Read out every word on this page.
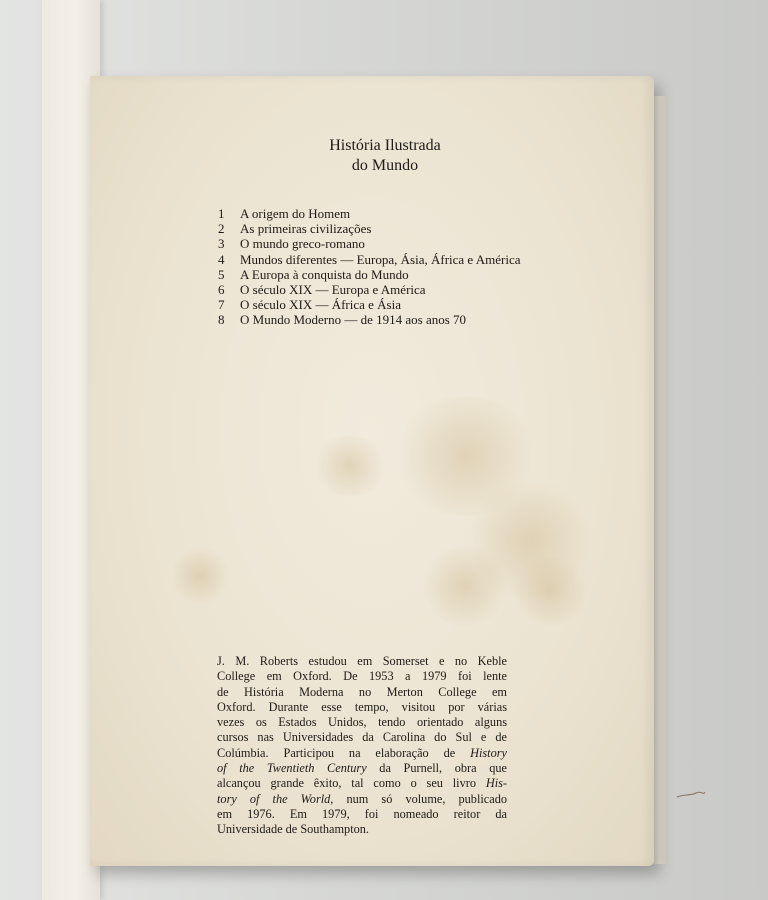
História Ilustrada
do Mundo
1	A origem do Homem
2	As primeiras civilizações
3	O mundo greco-romano
4	Mundos diferentes — Europa, Ásia, África e América
5	A Europa à conquista do Mundo
6	O século XIX — Europa e América
7	O século XIX — África e Ásia
8	O Mundo Moderno — de 1914 aos anos 70

J. M. Roberts estudou em Somerset e no Keble

College em Oxford. De 1953 a 1979 foi lente

de História Moderna no Merton College em

Oxford. Durante esse tempo, visitou por várias

vezes os Estados Unidos, tendo orientado alguns

cursos nas Universidades da Carolina do Sul e de

Colúmbia. Participou na elaboração de History

of the Twentieth Century da Purnell, obra que

alcançou grande êxito, tal como o seu livro His-

tory of the World, num só volume, publicado

em 1976. Em 1979, foi nomeado reitor da

Universidade de Southampton.
